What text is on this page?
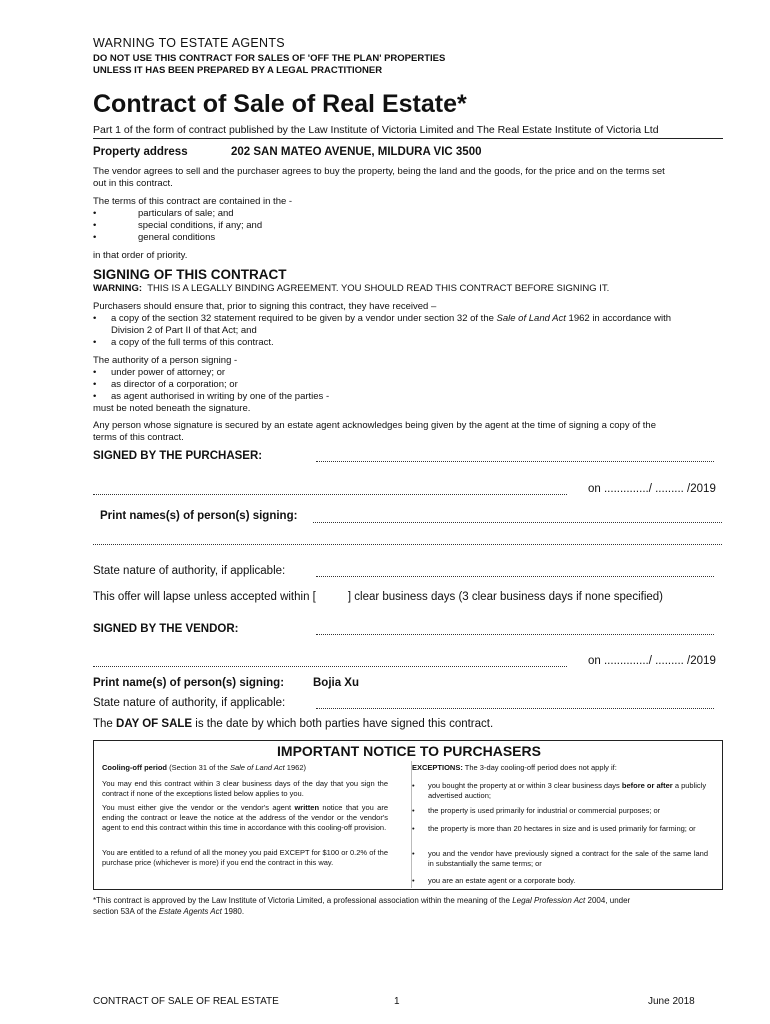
WARNING TO ESTATE AGENTS
DO NOT USE THIS CONTRACT FOR SALES OF 'OFF THE PLAN' PROPERTIES
UNLESS IT HAS BEEN PREPARED BY A LEGAL PRACTITIONER
Contract of Sale of Real Estate*
Part 1 of the form of contract published by the Law Institute of Victoria Limited and The Real Estate Institute of Victoria Ltd
Property address	202 SAN MATEO AVENUE, MILDURA VIC 3500
The vendor agrees to sell and the purchaser agrees to buy the property, being the land and the goods, for the price and on the terms set
out in this contract.
The terms of this contract are contained in the -
•	particulars of sale; and
•	special conditions, if any; and
•	general conditions
in that order of priority.
SIGNING OF THIS CONTRACT
WARNING: THIS IS A LEGALLY BINDING AGREEMENT. YOU SHOULD READ THIS CONTRACT BEFORE SIGNING IT.
Purchasers should ensure that, prior to signing this contract, they have received –
• a copy of the section 32 statement required to be given by a vendor under section 32 of the Sale of Land Act 1962 in accordance with
Division 2 of Part II of that Act; and
• a copy of the full terms of this contract.
The authority of a person signing -
• under power of attorney; or
• as director of a corporation; or
• as agent authorised in writing by one of the parties -
must be noted beneath the signature.
Any person whose signature is secured by an estate agent acknowledges being given by the agent at the time of signing a copy of the
terms of this contract.
SIGNED BY THE PURCHASER:
on ............../ ......... /2019
Print names(s) of person(s) signing:
State nature of authority, if applicable:
This offer will lapse unless accepted within [	] clear business days (3 clear business days if none specified)
SIGNED BY THE VENDOR:
on ............../ ......... /2019
Print name(s) of person(s) signing:	Bojia Xu
State nature of authority, if applicable:
The DAY OF SALE is the date by which both parties have signed this contract.
IMPORTANT NOTICE TO PURCHASERS
Cooling-off period (Section 31 of the Sale of Land Act 1962)
You may end this contract within 3 clear business days of the day that you sign the contract if none of the exceptions listed below applies to you.
You must either give the vendor or the vendor's agent written notice that you are ending the contract or leave the notice at the address of the vendor or the vendor's agent to end this contract within this time in accordance with this cooling-off provision.
You are entitled to a refund of all the money you paid EXCEPT for $100 or 0.2% of the purchase price (whichever is more) if you end the contract in this way.
EXCEPTIONS: The 3-day cooling-off period does not apply if:
• you bought the property at or within 3 clear business days before or after a publicly advertised auction;
• the property is used primarily for industrial or commercial purposes; or
• the property is more than 20 hectares in size and is used primarily for farming; or
• you and the vendor have previously signed a contract for the sale of the same land in substantially the same terms; or
• you are an estate agent or a corporate body.
*This contract is approved by the Law Institute of Victoria Limited, a professional association within the meaning of the Legal Profession Act 2004, under
section 53A of the Estate Agents Act 1980.
CONTRACT OF SALE OF REAL ESTATE	1	June 2018
